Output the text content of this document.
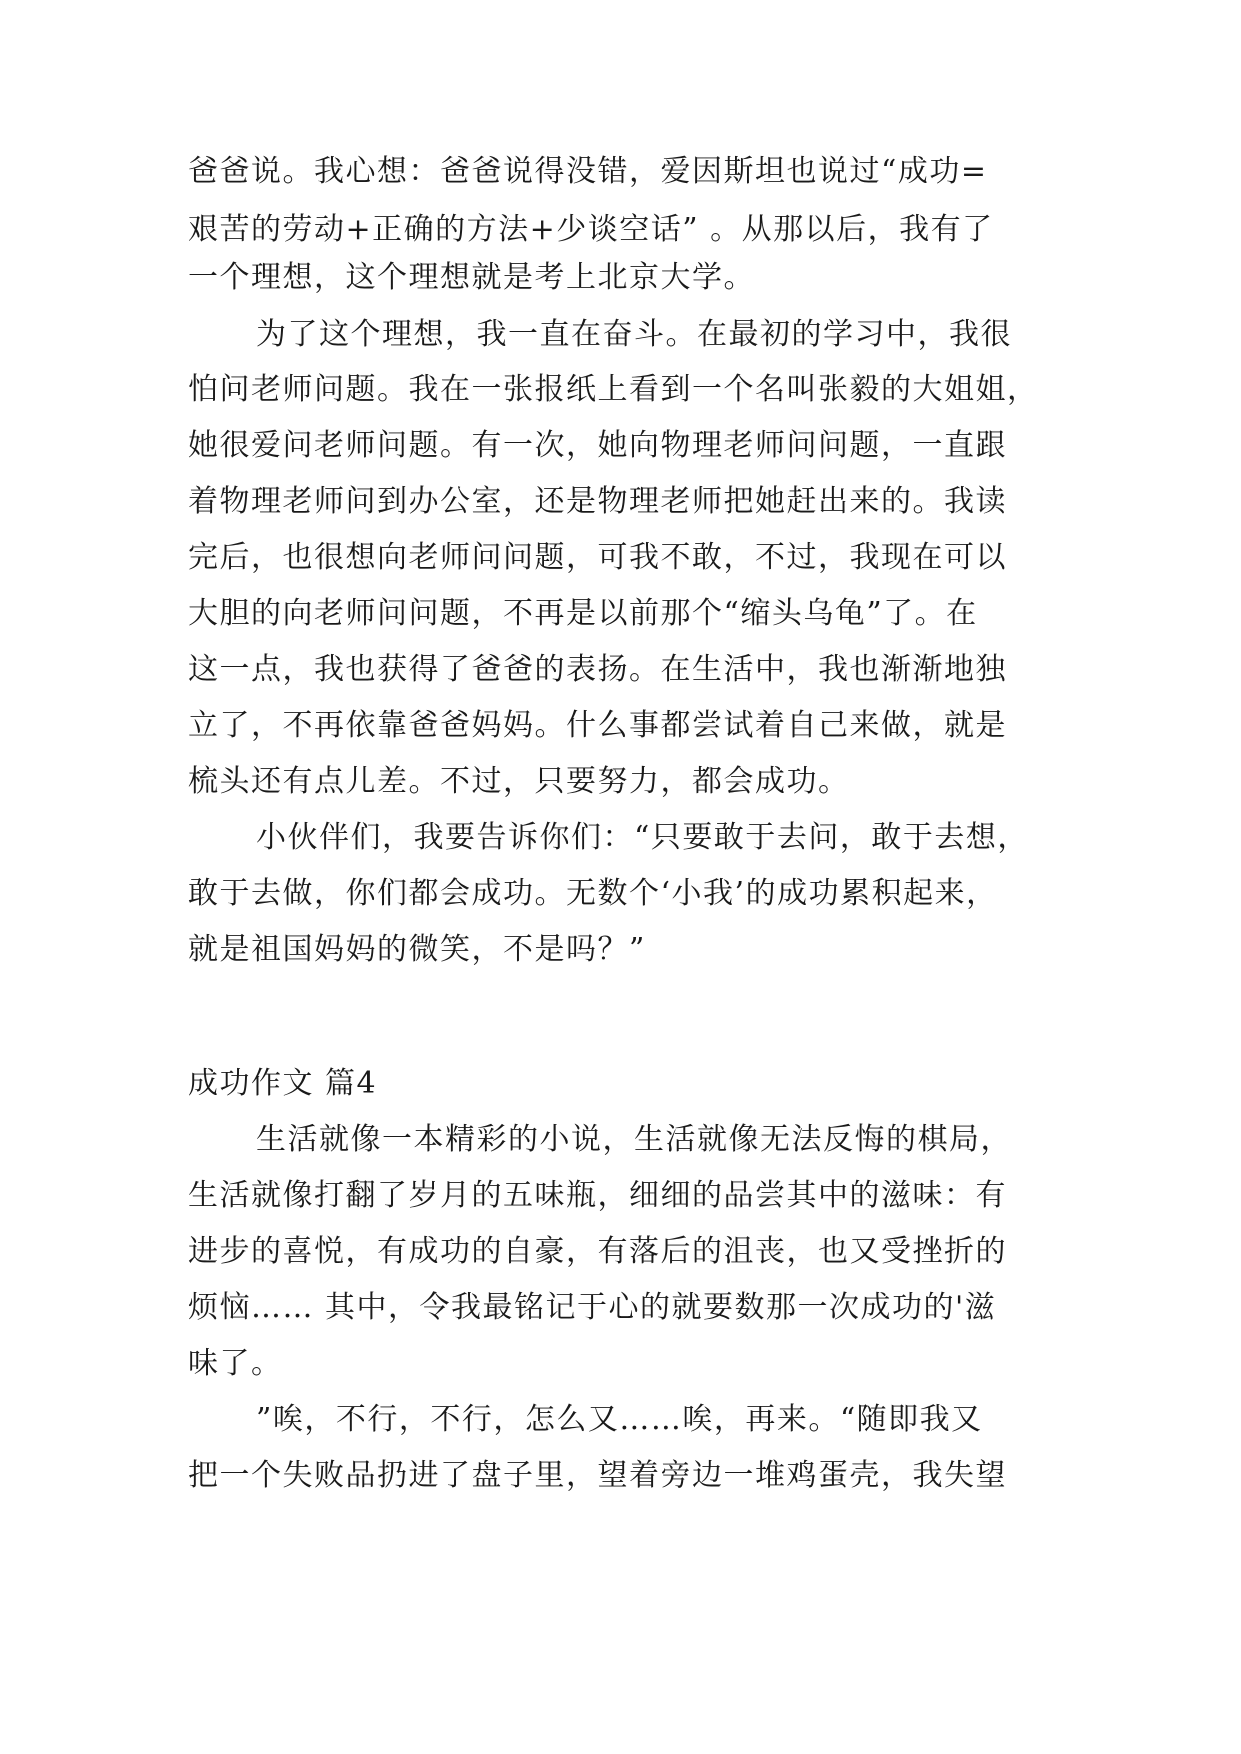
爸爸说。我心想：爸爸说得没错，爱因斯坦也说过“成功=
艰苦的劳动+正确的方法+少谈空话” 。从那以后，我有了
一个理想，这个理想就是考上北京大学。
为了这个理想，我一直在奋斗。在最初的学习中，我很
怕问老师问题。我在一张报纸上看到一个名叫张毅的大姐姐，
她很爱问老师问题。有一次，她向物理老师问问题，一直跟
着物理老师问到办公室，还是物理老师把她赶出来的。我读
完后，也很想向老师问问题，可我不敢，不过，我现在可以
大胆的向老师问问题，不再是以前那个“缩头乌龟”了。在
这一点，我也获得了爸爸的表扬。在生活中，我也渐渐地独
立了，不再依靠爸爸妈妈。什么事都尝试着自己来做，就是
梳头还有点儿差。不过，只要努力，都会成功。
小伙伴们，我要告诉你们：“只要敢于去问，敢于去想，
敢于去做，你们都会成功。无数个‘小我’的成功累积起来，
就是祖国妈妈的微笑，不是吗？”
成功作文 篇4
生活就像一本精彩的小说，生活就像无法反悔的棋局，
生活就像打翻了岁月的五味瓶，细细的品尝其中的滋味：有
进步的喜悦，有成功的自豪，有落后的沮丧，也又受挫折的
烦恼…… 其中，令我最铭记于心的就要数那一次成功的'滋
味了。
”唉，不行，不行，怎么又……唉，再来。“随即我又
把一个失败品扔进了盘子里，望着旁边一堆鸡蛋壳，我失望
